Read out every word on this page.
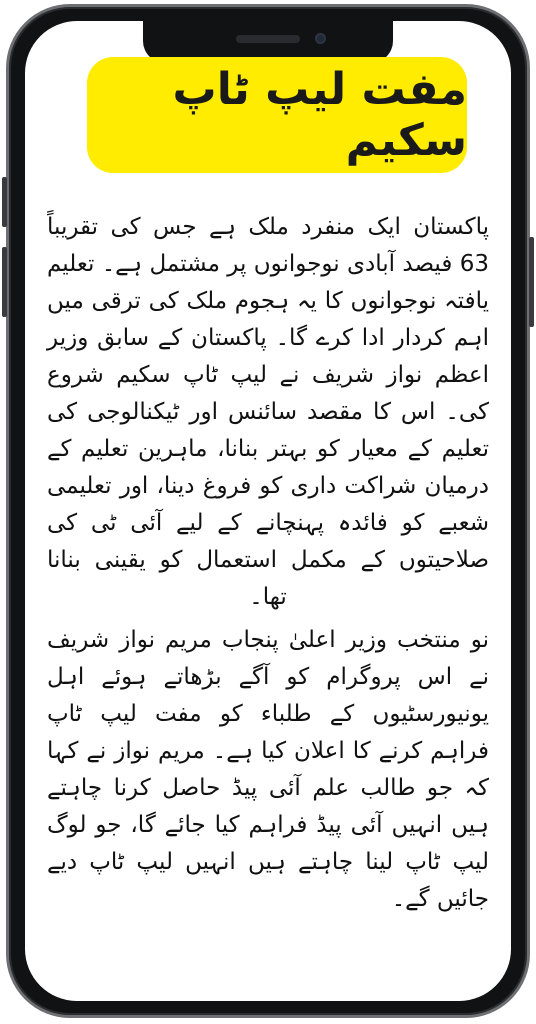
مفت لیپ ٹاپ سکیم

پاکستان ایک منفرد ملک ہے جس کی تقریباً 63 فیصد آبادی نوجوانوں پر مشتمل ہے۔ تعلیم یافتہ نوجوانوں کا یہ ہجوم ملک کی ترقی میں اہم کردار ادا کرے گا۔ پاکستان کے سابق وزیر اعظم نواز شریف نے لیپ ٹاپ سکیم شروع کی۔ اس کا مقصد سائنس اور ٹیکنالوجی کی تعلیم کے معیار کو بہتر بنانا، ماہرین تعلیم کے درمیان شراکت داری کو فروغ دینا، اور تعلیمی شعبے کو فائدہ پہنچانے کے لیے آئی ٹی کی صلاحیتوں کے مکمل استعمال کو یقینی بنانا تھا۔

نو منتخب وزیر اعلیٰ پنجاب مریم نواز شریف نے اس پروگرام کو آگے بڑھاتے ہوئے اہل یونیورسٹیوں کے طلباء کو مفت لیپ ٹاپ فراہم کرنے کا اعلان کیا ہے۔ مریم نواز نے کہا کہ جو طالب علم آئی پیڈ حاصل کرنا چاہتے ہیں انہیں آئی پیڈ فراہم کیا جائے گا، جو لوگ لیپ ٹاپ لینا چاہتے ہیں انہیں لیپ ٹاپ دیے جائیں گے۔
